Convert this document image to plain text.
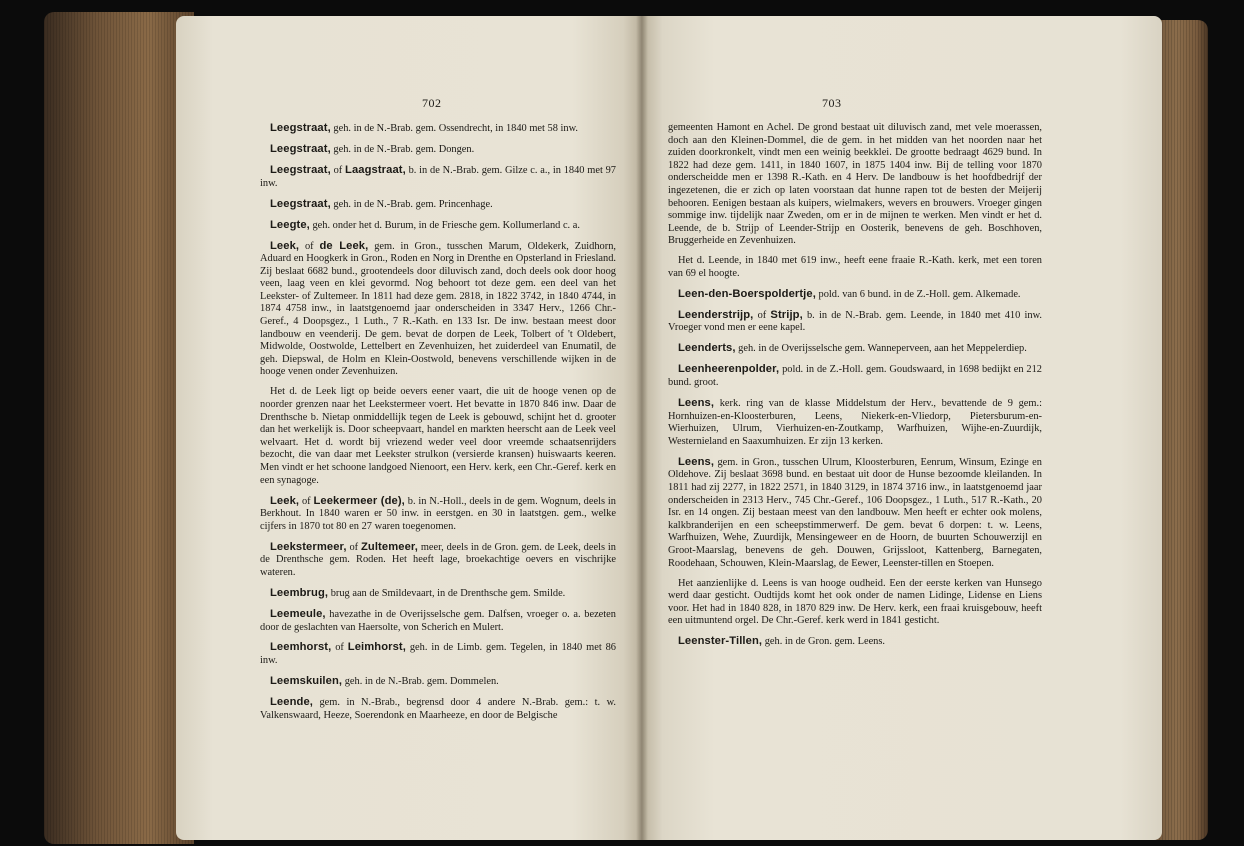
702

Leegstraat, geh. in de N.-Brab. gem. Ossendrecht, in 1840 met 58 inw.

Leegstraat, geh. in de N.-Brab. gem. Dongen.

Leegstraat, of Laagstraat, b. in de N.-Brab. gem. Gilze c. a., in 1840 met 97 inw.

Leegstraat, geh. in de N.-Brab. gem. Princenhage.

Leegte, geh. onder het d. Burum, in de Friesche gem. Kollumerland c. a.

Leek, of de Leek, gem. in Gron., tusschen Marum, Oldekerk, Zuidhorn, Aduard en Hoogkerk in Gron., Roden en Norg in Drenthe en Opsterland in Friesland. Zij beslaat 6682 bund., grootendeels door diluvisch zand, doch deels ook door hoog veen, laag veen en klei gevormd. Nog behoort tot deze gem. een deel van het Leekster- of Zultemeer. In 1811 had deze gem. 2818, in 1822 3742, in 1840 4744, in 1874 4758 inw., in laatstgenoemd jaar onderscheiden in 3347 Herv., 1266 Chr.-Geref., 4 Doopsgez., 1 Luth., 7 R.-Kath. en 133 Isr. De inw. bestaan meest door landbouw en veenderij. De gem. bevat de dorpen de Leek, Tolbert of 't Oldebert, Midwolde, Oostwolde, Lettelbert en Zevenhuizen, het zuiderdeel van Enumatil, de geh. Diepswal, de Holm en Klein-Oostwold, benevens verschillende wijken in de hooge venen onder Zevenhuizen.

Het d. de Leek ligt op beide oevers eener vaart, die uit de hooge venen op de noorder grenzen naar het Leekstermeer voert. Het bevatte in 1870 846 inw. Daar de Drenthsche b. Nietap onmiddellijk tegen de Leek is gebouwd, schijnt het d. grooter dan het werkelijk is. Door scheepvaart, handel en markten heerscht aan de Leek veel welvaart. Het d. wordt bij vriezend weder veel door vreemde schaatsenrijders bezocht, die van daar met Leekster strulkon (versierde kransen) huiswaarts keeren. Men vindt er het schoone landgoed Nienoort, een Herv. kerk, een Chr.-Geref. kerk en een synagoge.

Leek, of Leekermeer (de), b. in N.-Holl., deels in de gem. Wognum, deels in Berkhout. In 1840 waren er 50 inw. in eerstgen. en 30 in laatstgen. gem., welke cijfers in 1870 tot 80 en 27 waren toegenomen.

Leekstermeer, of Zultemeer, meer, deels in de Gron. gem. de Leek, deels in de Drenthsche gem. Roden. Het heeft lage, broekachtige oevers en vischrijke wateren.

Leembrug, brug aan de Smildevaart, in de Drenthsche gem. Smilde.

Leemeule, havezathe in de Overijsselsche gem. Dalfsen, vroeger o. a. bezeten door de geslachten van Haersolte, von Scherich en Mulert.

Leemhorst, of Leimhorst, geh. in de Limb. gem. Tegelen, in 1840 met 86 inw.

Leemskuilen, geh. in de N.-Brab. gem. Dommelen.

Leende, gem. in N.-Brab., begrensd door 4 andere N.-Brab. gem.: t. w. Valkenswaard, Heeze, Soerendonk en Maarheeze, en door de Belgische

703

gemeenten Hamont en Achel. De grond bestaat uit diluvisch zand, met vele moerassen, doch aan den Kleinen-Dommel, die de gem. in het midden van het noorden naar het zuiden doorkronkelt, vindt men een weinig beekklei. De grootte bedraagt 4629 bund. In 1822 had deze gem. 1411, in 1840 1607, in 1875 1404 inw. Bij de telling voor 1870 onderscheidde men er 1398 R.-Kath. en 4 Herv. De landbouw is het hoofdbedrijf der ingezetenen, die er zich op laten voorstaan dat hunne rapen tot de besten der Meijerij behooren. Eenigen bestaan als kuipers, wielmakers, wevers en brouwers. Vroeger gingen sommige inw. tijdelijk naar Zweden, om er in de mijnen te werken. Men vindt er het d. Leende, de b. Strijp of Leender-Strijp en Oosterik, benevens de geh. Boschhoven, Bruggerheide en Zevenhuizen.

Het d. Leende, in 1840 met 619 inw., heeft eene fraaie R.-Kath. kerk, met een toren van 69 el hoogte.

Leen-den-Boerspoldertje, pold. van 6 bund. in de Z.-Holl. gem. Alkemade.

Leenderstrijp, of Strijp, b. in de N.-Brab. gem. Leende, in 1840 met 410 inw. Vroeger vond men er eene kapel.

Leenderts, geh. in de Overijsselsche gem. Wanneperveen, aan het Meppelerdiep.

Leenheerenpolder, pold. in de Z.-Holl. gem. Goudswaard, in 1698 bedijkt en 212 bund. groot.

Leens, kerk. ring van de klasse Middelstum der Herv., bevattende de 9 gem.: Hornhuizen-en-Kloosterburen, Leens, Niekerk-en-Vliedorp, Pietersburum-en-Wierhuizen, Ulrum, Vierhuizen-en-Zoutkamp, Warfhuizen, Wijhe-en-Zuurdijk, Westernieland en Saaxumhuizen. Er zijn 13 kerken.

Leens, gem. in Gron., tusschen Ulrum, Kloosterburen, Eenrum, Winsum, Ezinge en Oldehove. Zij beslaat 3698 bund. en bestaat uit door de Hunse bezoomde kleilanden. In 1811 had zij 2277, in 1822 2571, in 1840 3129, in 1874 3716 inw., in laatstgenoemd jaar onderscheiden in 2313 Herv., 745 Chr.-Geref., 106 Doopsgez., 1 Luth., 517 R.-Kath., 20 Isr. en 14 ongen. Zij bestaan meest van den landbouw. Men heeft er echter ook molens, kalkbranderijen en een scheepstimmerwerf. De gem. bevat 6 dorpen: t. w. Leens, Warfhuizen, Wehe, Zuurdijk, Mensingeweer en de Hoorn, de buurten Schouwerzijl en Groot-Maarslag, benevens de geh. Douwen, Grijssloot, Kattenberg, Barnegaten, Roodehaan, Schouwen, Klein-Maarslag, de Eewer, Leenster-tillen en Stoepen.

Het aanzienlijke d. Leens is van hooge oudheid. Een der eerste kerken van Hunsego werd daar gesticht. Oudtijds komt het ook onder de namen Lidinge, Lidense en Liens voor. Het had in 1840 828, in 1870 829 inw. De Herv. kerk, een fraai kruisgebouw, heeft een uitmuntend orgel. De Chr.-Geref. kerk werd in 1841 gesticht.

Leenster-Tillen, geh. in de Gron. gem. Leens.
